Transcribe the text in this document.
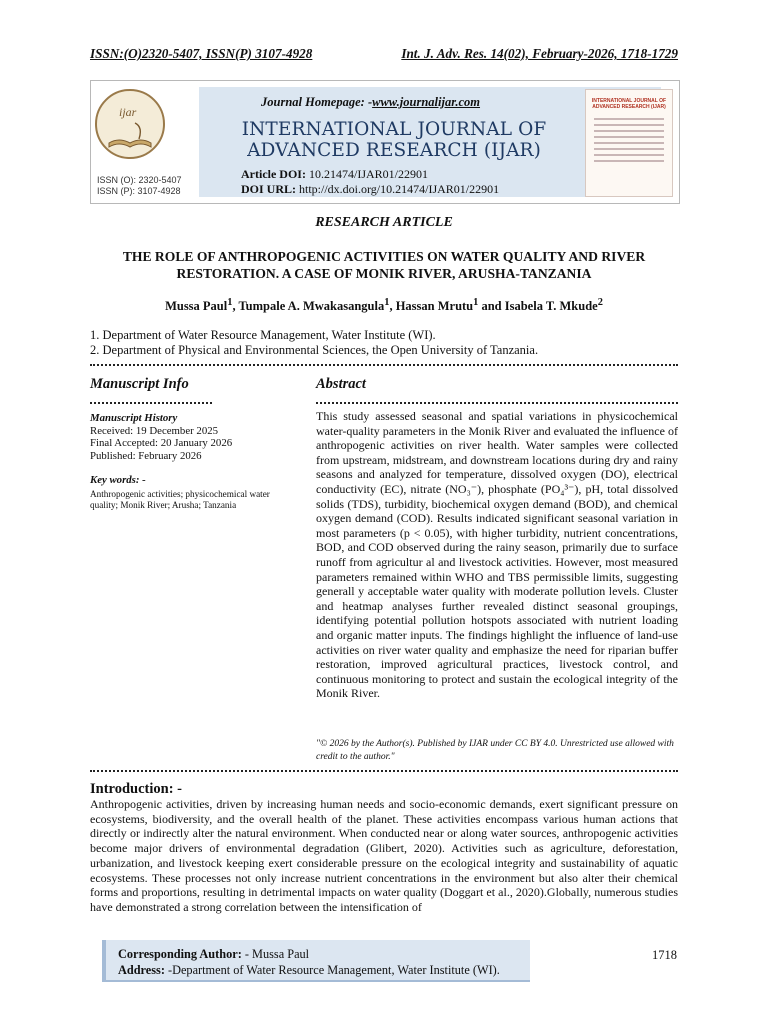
ISSN:(O)2320-5407, ISSN(P) 3107-4928	Int. J. Adv. Res. 14(02), February-2026, 1718-1729
ijar
ISSN (O): 2320-5407
ISSN (P): 3107-4928
Journal Homepage: -www.journalijar.com
INTERNATIONAL JOURNAL OF ADVANCED RESEARCH (IJAR)
Article DOI: 10.21474/IJAR01/22901
DOI URL: http://dx.doi.org/10.21474/IJAR01/22901
INTERNATIONAL JOURNAL OF ADVANCED RESEARCH (IJAR)
RESEARCH ARTICLE
THE ROLE OF ANTHROPOGENIC ACTIVITIES ON WATER QUALITY AND RIVER RESTORATION. A CASE OF MONIK RIVER, ARUSHA-TANZANIA
Mussa Paul$^1$, Tumpale A. Mwakasangula$^1$, Hassan Mrutu$^1$ and Isabela T. Mkude$^2$
1. Department of Water Resource Management, Water Institute (WI).
2. Department of Physical and Environmental Sciences, the Open University of Tanzania.
Manuscript Info	Abstract
Manuscript History
Received: 19 December 2025
Final Accepted: 20 January 2026
Published: February 2026
Key words: -
Anthropogenic activities; physicochemical water quality; Monik River; Arusha; Tanzania
This study assessed seasonal and spatial variations in physicochemical water-quality parameters in the Monik River and evaluated the influence of anthropogenic activities on river health. Water samples were collected from upstream, midstream, and downstream locations during dry and rainy seasons and analyzed for temperature, dissolved oxygen (DO), electrical conductivity (EC), nitrate (NO₃⁻), phosphate (PO₄³⁻), pH, total dissolved solids (TDS), turbidity, biochemical oxygen demand (BOD), and chemical oxygen demand (COD). Results indicated significant seasonal variation in most parameters (p < 0.05), with higher turbidity, nutrient concentrations, BOD, and COD observed during the rainy season, primarily due to surface runoff from agricultur al and livestock activities. However, most measured parameters remained within WHO and TBS permissible limits, suggesting generall y acceptable water quality with moderate pollution levels. Cluster and heatmap analyses further revealed distinct seasonal groupings, identifying potential pollution hotspots associated with nutrient loading and organic matter inputs. The findings highlight the influence of land-use activities on river water quality and emphasize the need for riparian buffer restoration, improved agricultural practices, livestock control, and continuous monitoring to protect and sustain the ecological integrity of the Monik River.
"© 2026 by the Author(s). Published by IJAR under CC BY 4.0. Unrestricted use allowed with credit to the author."
Introduction: -
Anthropogenic activities, driven by increasing human needs and socio-economic demands, exert significant pressure on ecosystems, biodiversity, and the overall health of the planet. These activities encompass various human actions that directly or indirectly alter the natural environment. When conducted near or along water sources, anthropogenic activities become major drivers of environmental degradation (Glibert, 2020). Activities such as agriculture, deforestation, urbanization, and livestock keeping exert considerable pressure on the ecological integrity and sustainability of aquatic ecosystems. These processes not only increase nutrient concentrations in the environment but also alter their chemical forms and proportions, resulting in detrimental impacts on water quality (Doggart et al., 2020).Globally, numerous studies have demonstrated a strong correlation between the intensification of
Corresponding Author: - Mussa Paul
Address: -Department of Water Resource Management, Water Institute (WI).
1718
